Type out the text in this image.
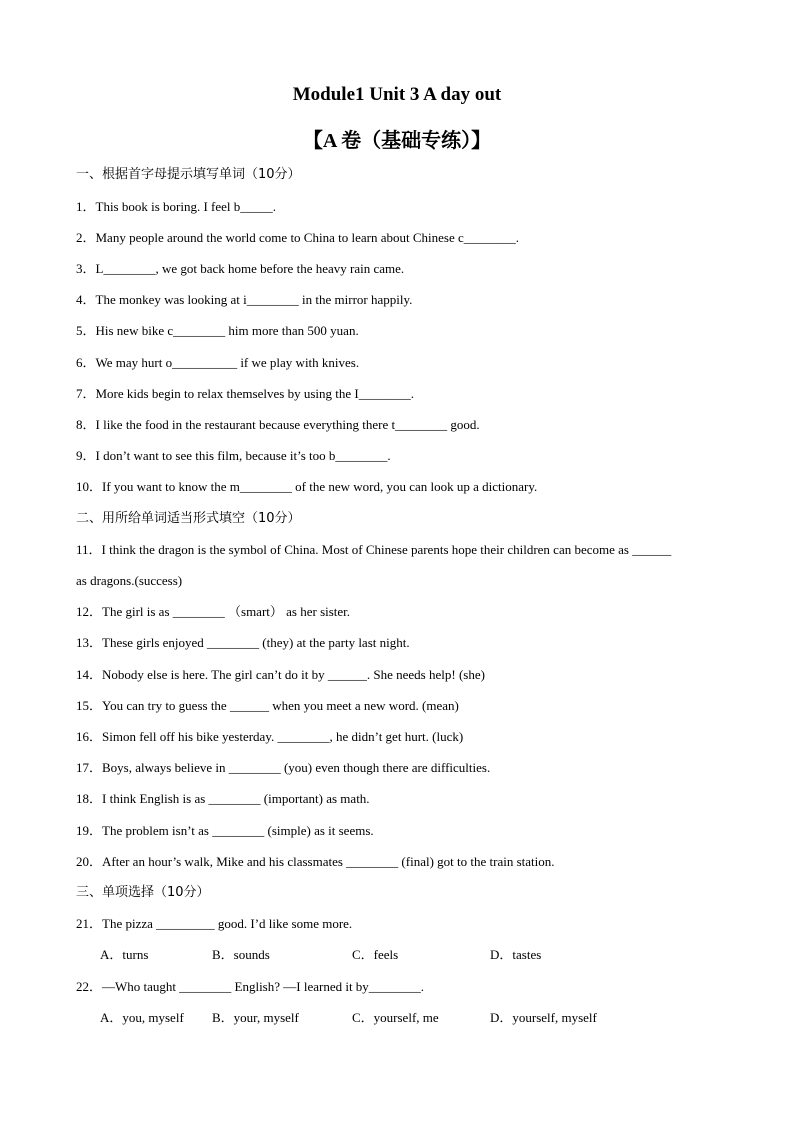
Module1 Unit 3 A day out
【A 卷（基础专练）】
一、根据首字母提示填写单词（10分）
1．This book is boring. I feel b_____.
2．Many people around the world come to China to learn about Chinese c________.
3．L________, we got back home before the heavy rain came.
4．The monkey was looking at i________ in the mirror happily.
5．His new bike c________ him more than 500 yuan.
6．We may hurt o__________ if we play with knives.
7．More kids begin to relax themselves by using the I________.
8．I like the food in the restaurant because everything there t________ good.
9．I don’t want to see this film, because it’s too b________.
10．If you want to know the m________ of the new word, you can look up a dictionary.
二、用所给单词适当形式填空（10分）
11．I think the dragon is the symbol of China. Most of Chinese parents hope their children can become as ______
as dragons.(success)
12．The girl is as ________ （smart） as her sister.
13．These girls enjoyed ________ (they) at the party last night.
14．Nobody else is here. The girl can’t do it by ______. She needs help! (she)
15．You can try to guess the ______ when you meet a new word. (mean)
16．Simon fell off his bike yesterday. ________, he didn’t get hurt. (luck)
17．Boys, always believe in ________ (you) even though there are difficulties.
18．I think English is as ________ (important) as math.
19．The problem isn’t as ________ (simple) as it seems.
20．After an hour’s walk, Mike and his classmates ________ (final) got to the train station.
三、单项选择（10分）
21．The pizza _________ good. I’d like some more.
A．turns	B．sounds	C．feels	D．tastes
22．—Who taught ________ English? —I learned it by________.
A．you, myself B．your, myself	C．yourself, me	D．yourself, myself
